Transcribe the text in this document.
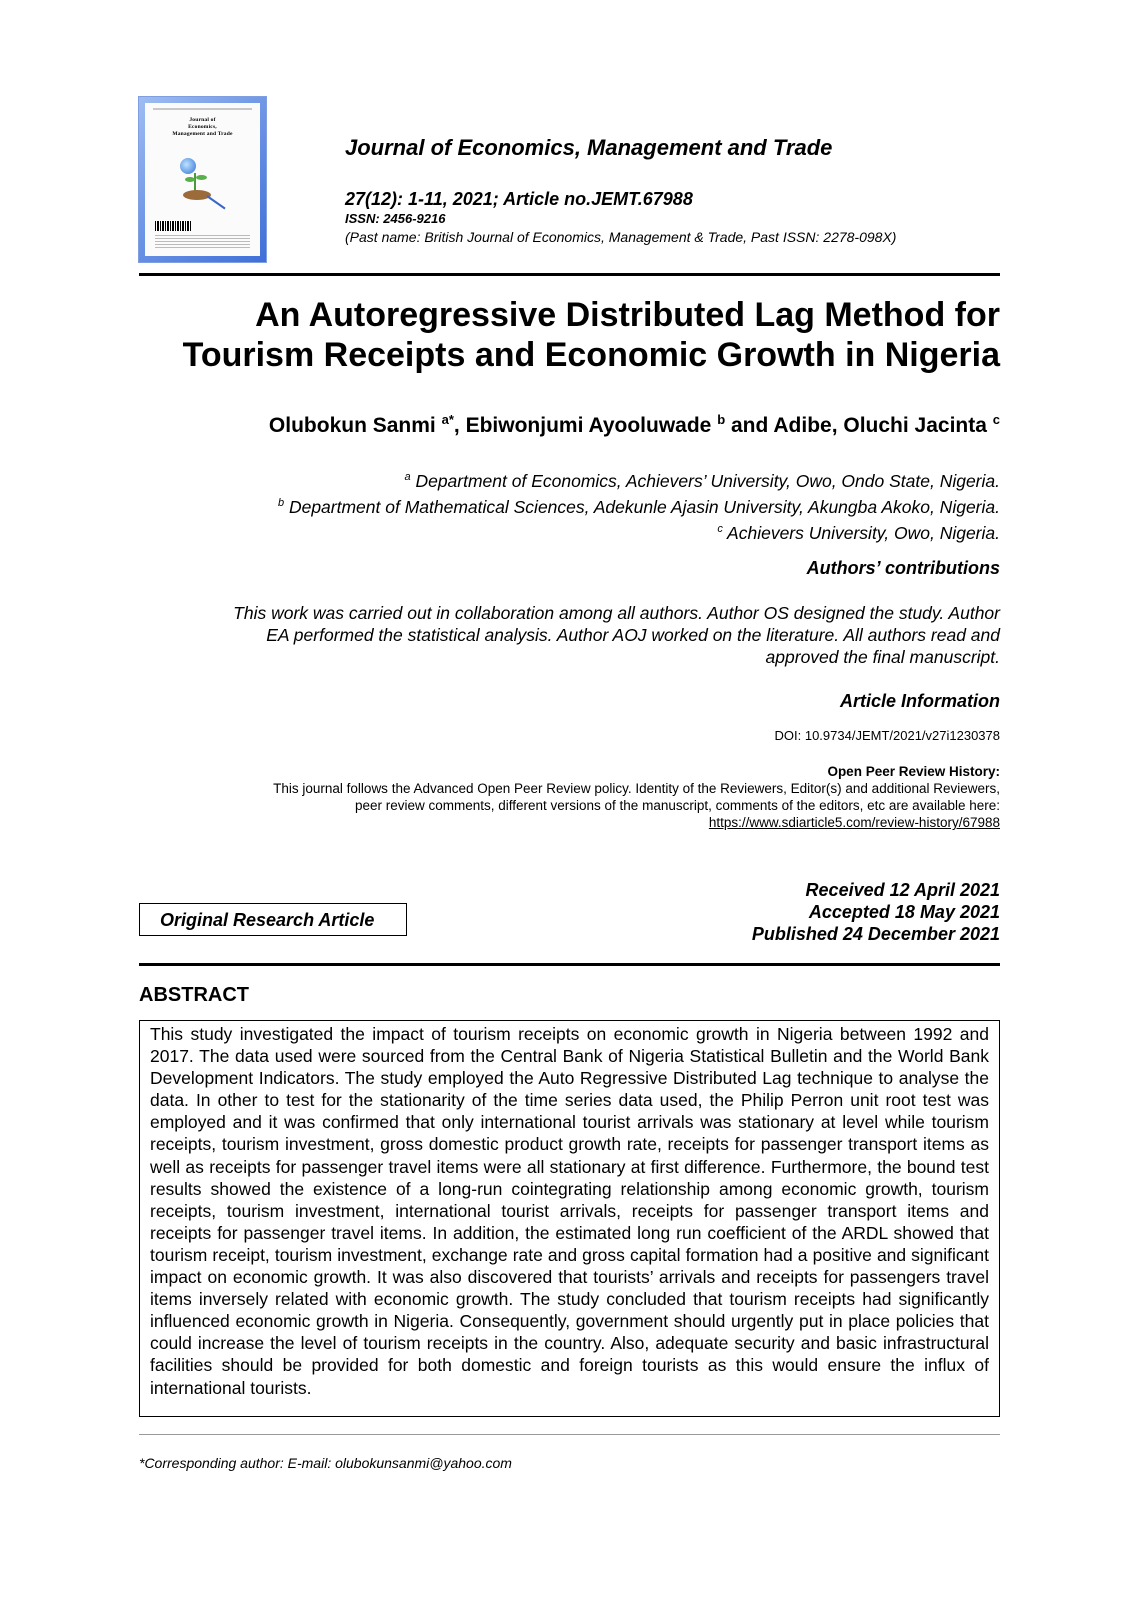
Journal of
Economics,
Management and Trade
Journal of Economics, Management and Trade
27(12): 1-11, 2021; Article no.JEMT.67988
ISSN: 2456-9216
(Past name: British Journal of Economics, Management & Trade, Past ISSN: 2278-098X)
An Autoregressive Distributed Lag Method for
Tourism Receipts and Economic Growth in Nigeria
Olubokun Sanmi $^{a*}$, Ebiwonjumi Ayooluwade $^b$ and Adibe, Oluchi Jacinta $^c$
$^a$ Department of Economics, Achievers’ University, Owo, Ondo State, Nigeria.
$^b$ Department of Mathematical Sciences, Adekunle Ajasin University, Akungba Akoko, Nigeria.
$^c$ Achievers University, Owo, Nigeria.
Authors’ contributions
This work was carried out in collaboration among all authors. Author OS designed the study. Author
EA performed the statistical analysis. Author AOJ worked on the literature. All authors read and
approved the final manuscript.
Article Information
DOI: 10.9734/JEMT/2021/v27i1230378
Open Peer Review History:
This journal follows the Advanced Open Peer Review policy. Identity of the Reviewers, Editor(s) and additional Reviewers,
peer review comments, different versions of the manuscript, comments of the editors, etc are available here:
https://www.sdiarticle5.com/review-history/67988
Original Research Article
Received 12 April 2021
Accepted 18 May 2021
Published 24 December 2021
ABSTRACT

This study investigated the impact of tourism receipts on economic growth in Nigeria between 1992 and 2017. The data used were sourced from the Central Bank of Nigeria Statistical Bulletin and the World Bank Development Indicators. The study employed the Auto Regressive Distributed Lag technique to analyse the data. In other to test for the stationarity of the time series data used, the Philip Perron unit root test was employed and it was confirmed that only international tourist arrivals was stationary at level while tourism receipts, tourism investment, gross domestic product growth rate, receipts for passenger transport items as well as receipts for passenger travel items were all stationary at first difference. Furthermore, the bound test results showed the existence of a long-run cointegrating relationship among economic growth, tourism receipts, tourism investment, international tourist arrivals, receipts for passenger transport items and receipts for passenger travel items. In addition, the estimated long run coefficient of the ARDL showed that tourism receipt, tourism investment, exchange rate and gross capital formation had a positive and significant impact on economic growth. It was also discovered that tourists’ arrivals and receipts for passengers travel items inversely related with economic growth. The study concluded that tourism receipts had significantly influenced economic growth in Nigeria. Consequently, government should urgently put in place policies that could increase the level of tourism receipts in the country. Also, adequate security and basic infrastructural facilities should be provided for both domestic and foreign tourists as this would ensure the influx of international tourists.

*Corresponding author: E-mail: olubokunsanmi@yahoo.com
